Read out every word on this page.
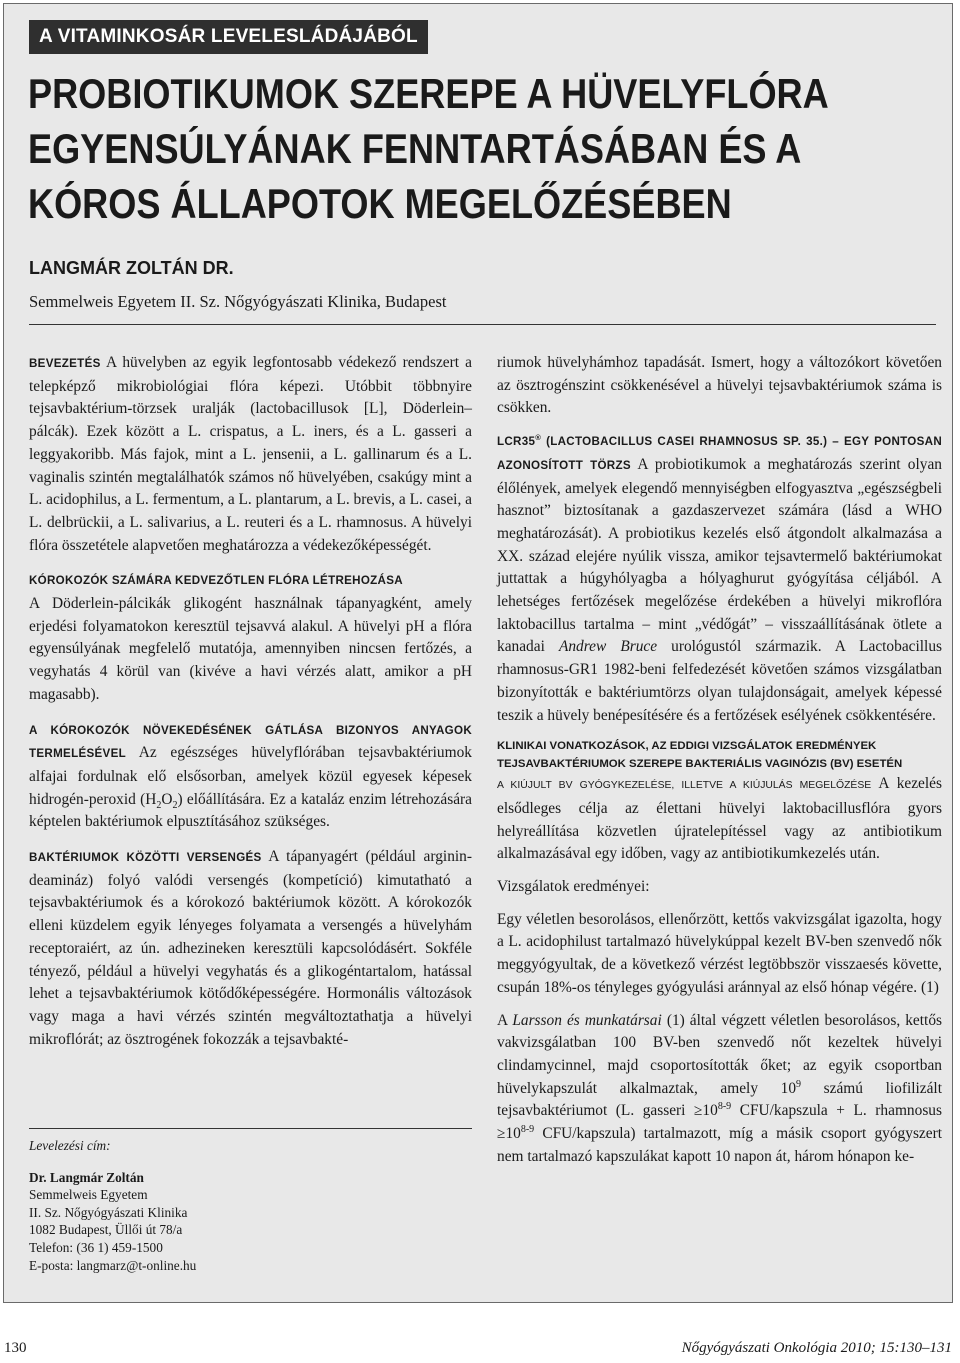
A VITAMINKOSÁR LEVELESLÁDÁJÁBÓL
PROBIOTIKUMOK SZEREPE A HÜVELYFLÓRA
EGYENSÚLYÁNAK FENNTARTÁSÁBAN ÉS A
KÓROS ÁLLAPOTOK MEGELŐZÉSÉBEN
LANGMÁR ZOLTÁN DR.
Semmelweis Egyetem II. Sz. Nőgyógyászati Klinika, Budapest

BEVEZETÉS A hüvelyben az egyik legfontosabb védekező rendszert a telepképző mikrobiológiai flóra képezi. Utóbbit többnyire tejsavbaktérium-törzsek uralják (lactobacillusok [L], Döderlein–pálcák). Ezek között a L. crispatus, a L. iners, és a L. gasseri a leggyakoribb. Más fajok, mint a L. jensenii, a L. gallinarum és a L. vaginalis szintén megtalálhatók számos nő hüvelyében, csakúgy mint a L. acidophilus, a L. fermentum, a L. plantarum, a L. brevis, a L. casei, a L. delbrückii, a L. salivarius, a L. reuteri és a L. rhamnosus. A hüvelyi flóra összetétele alapvetően meghatározza a védekezőképességét.

KÓROKOZÓK SZÁMÁRA KEDVEZŐTLEN FLÓRA LÉTREHOZÁSA
A Döderlein-pálcikák glikogént használnak tápanyagként, amely erjedési folyamatokon keresztül tejsavvá alakul. A hüvelyi pH a flóra egyensúlyának megfelelő mutatója, amennyiben nincsen fertőzés, a vegyhatás 4 körül van (kivéve a havi vérzés alatt, amikor a pH magasabb).

A KÓROKOZÓK NÖVEKEDÉSÉNEK GÁTLÁSA BIZONYOS ANYAGOK TERMELÉSÉVEL Az egészséges hüvelyflórában tejsavbaktériumok alfajai fordulnak elő elsősorban, amelyek közül egyesek képesek hidrogén-peroxid $(H_2O_2)$ előállítására. Ez a kataláz enzim létrehozására képtelen baktériumok elpusztításához szükséges.

BAKTÉRIUMOK KÖZÖTTI VERSENGÉS A tápanyagért (például arginin-deamináz) folyó valódi versengés (kompetíció) kimutatható a tejsavbaktériumok és a kórokozó baktériumok között. A kórokozók elleni küzdelem egyik lényeges folyamata a versengés a hüvelyhám receptoraiért, az ún. adhezineken keresztüli kapcsolódásért. Sokféle tényező, például a hüvelyi vegyhatás és a glikogéntartalom, hatással lehet a tejsavbaktériumok kötődőképességére. Hormonális változások vagy maga a havi vérzés szintén megváltoztathatja a hüvelyi mikroflórát; az ösztrogének fokozzák a tejsavbakté-

Levelezési cím:
Dr. Langmár Zoltán
Semmelweis Egyetem
II. Sz. Nőgyógyászati Klinika
1082 Budapest, Üllői út 78/a
Telefon: (36 1) 459-1500
E-posta: langmarz@t-online.hu

riumok hüvelyhámhoz tapadását. Ismert, hogy a változókort követően az ösztrogénszint csökkenésével a hüvelyi tejsavbaktériumok száma is csökken.

LCR35® (LACTOBACILLUS CASEI RHAMNOSUS SP. 35.) – EGY PONTOSAN AZONOSÍTOTT TÖRZS A probiotikumok a meghatározás szerint olyan élőlények, amelyek elegendő mennyiségben elfogyasztva „egészségbeli hasznot” biztosítanak a gazdaszervezet számára (lásd a WHO meghatározását). A probiotikus kezelés első átgondolt alkalmazása a XX. század elejére nyúlik vissza, amikor tejsavtermelő baktériumokat juttattak a húgyhólyagba a hólyaghurut gyógyítása céljából. A lehetséges fertőzések megelőzése érdekében a hüvelyi mikroflóra laktobacillus tartalma – mint „védőgát” – visszaállításának ötlete a kanadai Andrew Bruce urológustól származik. A Lactobacillus rhamnosus-GR1 1982-beni felfedezését követően számos vizsgálatban bizonyították e baktériumtörzs olyan tulajdonságait, amelyek képessé teszik a hüvely benépesítésére és a fertőzések esélyének csökkentésére.

KLINIKAI VONATKOZÁSOK, AZ EDDIGI VIZSGÁLATOK EREDMÉNYEK
TEJSAVBAKTÉRIUMOK SZEREPE BAKTERIÁLIS VAGINÓZIS (BV) ESETÉN
A KIÚJULT BV GYÓGYKEZELÉSE, ILLETVE A KIÚJULÁS MEGELŐZÉSE A kezelés elsődleges célja az élettani hüvelyi laktobacillusflóra gyors helyreállítása közvetlen újratelepítéssel vagy az antibiotikum alkalmazásával egy időben, vagy az antibiotikumkezelés után.

Vizsgálatok eredményei:

Egy véletlen besorolásos, ellenőrzött, kettős vakvizsgálat igazolta, hogy a L. acidophilust tartalmazó hüvelykúppal kezelt BV-ben szenvedő nők meggyógyultak, de a következő vérzést legtöbbször visszaesés követte, csupán 18%-os tényleges gyógyulási aránnyal az első hónap végére. (1)

A Larsson és munkatársai (1) által végzett véletlen besorolásos, kettős vakvizsgálatban 100 BV-ben szenvedő nőt kezeltek hüvelyi clindamycinnel, majd csoportosították őket; az egyik csoportban hüvelykapszulát alkalmaztak, amely $10^9$ számú liofilizált tejsavbaktériumot (L. gasseri $\ge 10^{8-9}$ CFU/kapszula + L. rhamnosus $\ge 10^{8-9}$ CFU/kapszula) tartalmazott, míg a másik csoport gyógyszert nem tartalmazó kapszulákat kapott 10 napon át, három hónapon ke-

130	Nőgyógyászati Onkológia 2010; 15:130–131
